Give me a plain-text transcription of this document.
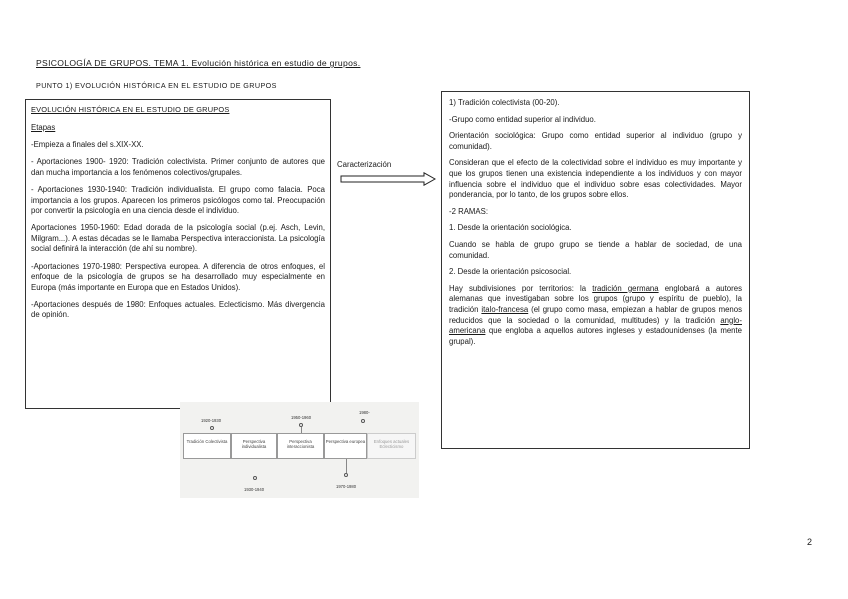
PSICOLOGÍA DE GRUPOS. TEMA 1. Evolución histórica en estudio de grupos.
PUNTO 1) EVOLUCIÓN HISTÓRICA EN EL ESTUDIO DE GRUPOS

EVOLUCIÓN HISTÓRICA EN EL ESTUDIO DE GRUPOS

Etapas

-Empieza a finales del s.XIX-XX.

- Aportaciones 1900- 1920: Tradición colectivista. Primer conjunto de autores que dan mucha importancia a los fenómenos colectivos/grupales.

- Aportaciones 1930-1940: Tradición individualista. El grupo como falacia. Poca importancia a los grupos. Aparecen los primeros psicólogos como tal. Preocupación por convertir la psicología en una ciencia desde el individuo.

Aportaciones 1950-1960: Edad dorada de la psicología social (p.ej. Asch, Levin, Milgram...). A estas décadas se le llamaba Perspectiva interaccionista. La psicología social definirá la interacción (de ahí su nombre).

-Aportaciones 1970-1980: Perspectiva europea. A diferencia de otros enfoques, el enfoque de la psicología de grupos se ha desarrollado muy especialmente en Europa (más importante en Europa que en Estados Unidos).

-Aportaciones después de 1980: Enfoques actuales. Eclecticismo. Más divergencia de opinión.

Caracterización

1) Tradición colectivista (00-20).

-Grupo como entidad superior al individuo.

Orientación sociológica: Grupo como entidad superior al individuo (grupo y comunidad).

Consideran que el efecto de la colectividad sobre el individuo es muy importante y que los grupos tienen una existencia independiente a los individuos y con mayor influencia sobre el individuo que el individuo sobre esas colectividades. Mayor ponderancia, por lo tanto, de los grupos sobre ellos.

-2 RAMAS:

1. Desde la orientación sociológica.

Cuando se habla de grupo grupo se tiende a hablar de sociedad, de una comunidad.

2. Desde la orientación psicosocial.

Hay subdivisiones por territorios: la tradición germana englobará a autores alemanas que investigaban sobre los grupos (grupo y espíritu de pueblo), la tradición italo-francesa (el grupo como masa, empiezan a hablar de grupos menos reducidos que la sociedad o la comunidad, multitudes) y la tradición anglo-americana que engloba a aquellos autores ingleses y estadounidenses (la mente grupal).

1920-1930
1950-1960
1980-
Tradición Colectivista	Perspectiva individualista
Perspectiva interaccionista
Perspectiva europea	Enfoques actuales Eclecticismo
1930-1940
1970-1980
2
